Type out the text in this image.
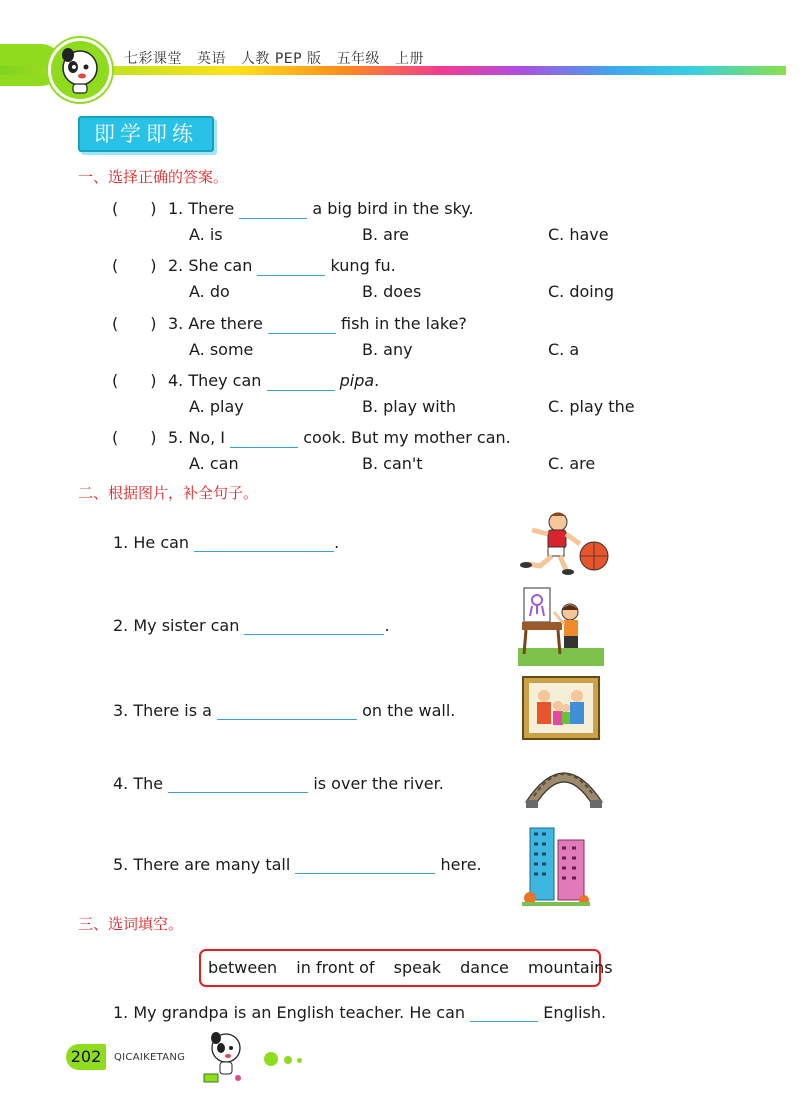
七彩课堂 英语 人教 PEP 版 五年级 上册
即学即练
一、选择正确的答案。
(　　) 1. There	a big bird in the sky.
A. is	B. are	C. have
(　　) 2. She can	kung fu.
A. do	B. does	C. doing
(　　) 3. Are there	fish in the lake?
A. some	B. any	C. a
(　　) 4. They can	pipa.
A. play	B. play with	C. play the
(　　) 5. No, I	cook. But my mother can.
A. can	B. can't	C. are
二、根据图片，补全句子。
1. He can	.
2. My sister can	.
3. There is a	on the wall.
4. The	is over the river.
5. There are many tall	here.
三、选词填空。
between in front of speak dance mountains
1. My grandpa is an English teacher. He can	English.
202	QICAIKETANG
